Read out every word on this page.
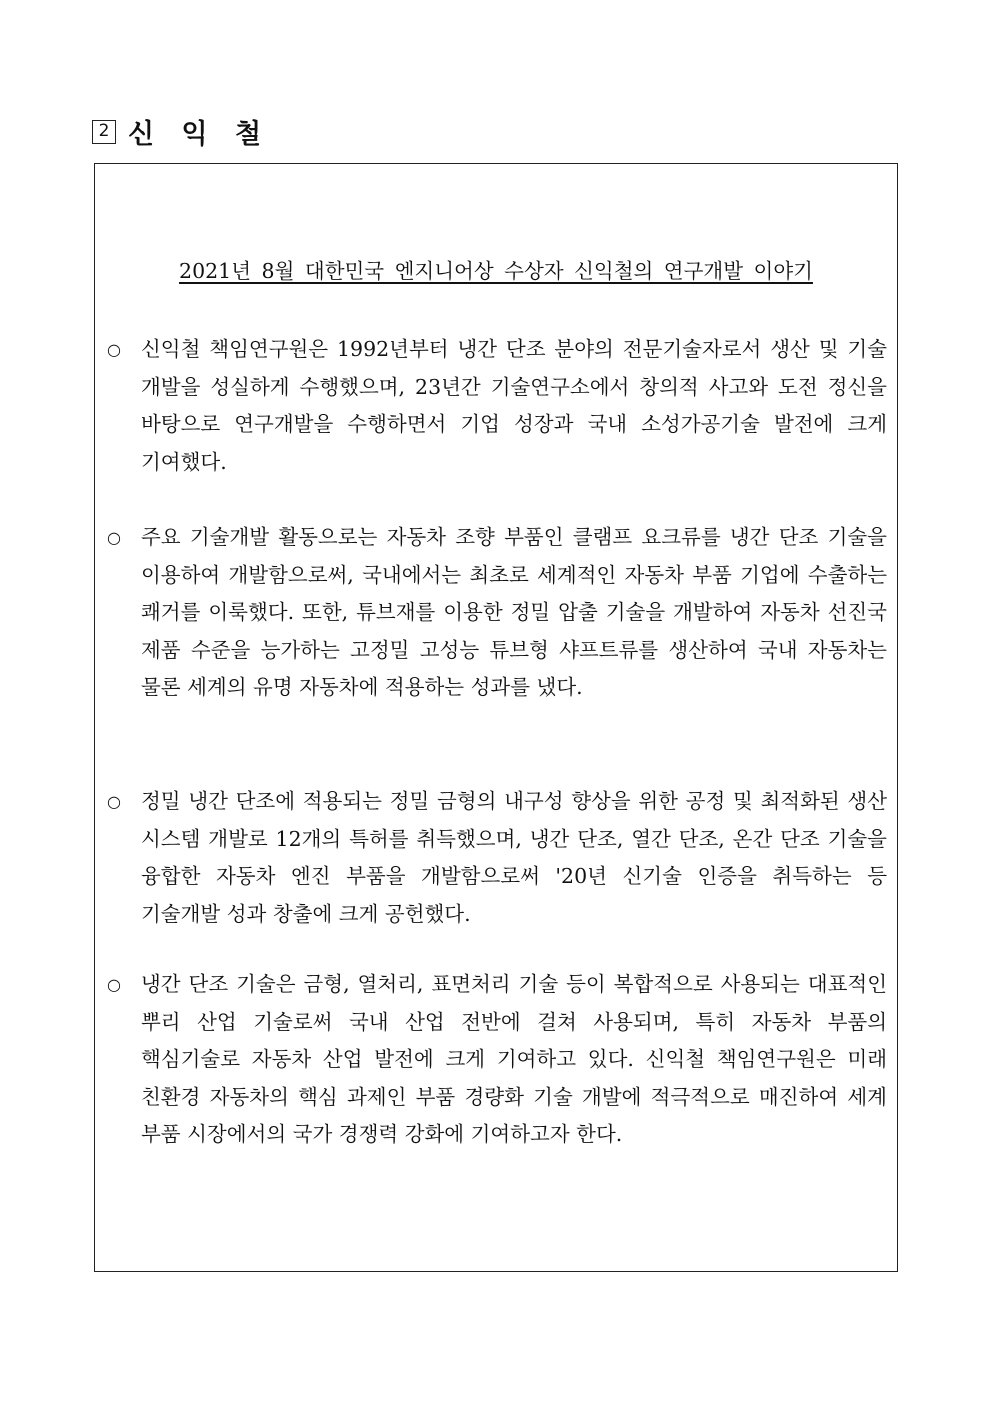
2 신 익 철
2021년 8월 대한민국 엔지니어상 수상자 신익철의 연구개발 이야기
○ 신익철 책임연구원은 1992년부터 냉간 단조 분야의 전문기술자로서 생산 및 기술 개발을 성실하게 수행했으며, 23년간 기술연구소에서 창의적 사고와 도전 정신을 바탕으로 연구개발을 수행하면서 기업 성장과 국내 소성가공기술 발전에 크게 기여했다.
○ 주요 기술개발 활동으로는 자동차 조향 부품인 클램프 요크류를 냉간 단조 기술을 이용하여 개발함으로써, 국내에서는 최초로 세계적인 자동차 부품 기업에 수출하는 쾌거를 이룩했다. 또한, 튜브재를 이용한 정밀 압출 기술을 개발하여 자동차 선진국 제품 수준을 능가하는 고정밀 고성능 튜브형 샤프트류를 생산하여 국내 자동차는 물론 세계의 유명 자동차에 적용하는 성과를 냈다.
○ 정밀 냉간 단조에 적용되는 정밀 금형의 내구성 향상을 위한 공정 및 최적화된 생산 시스템 개발로 12개의 특허를 취득했으며, 냉간 단조, 열간 단조, 온간 단조 기술을 융합한 자동차 엔진 부품을 개발함으로써 '20년 신기술 인증을 취득하는 등 기술개발 성과 창출에 크게 공헌했다.
○ 냉간 단조 기술은 금형, 열처리, 표면처리 기술 등이 복합적으로 사용되는 대표적인 뿌리 산업 기술로써 국내 산업 전반에 걸쳐 사용되며, 특히 자동차 부품의 핵심기술로 자동차 산업 발전에 크게 기여하고 있다. 신익철 책임연구원은 미래 친환경 자동차의 핵심 과제인 부품 경량화 기술 개발에 적극적으로 매진하여 세계 부품 시장에서의 국가 경쟁력 강화에 기여하고자 한다.
